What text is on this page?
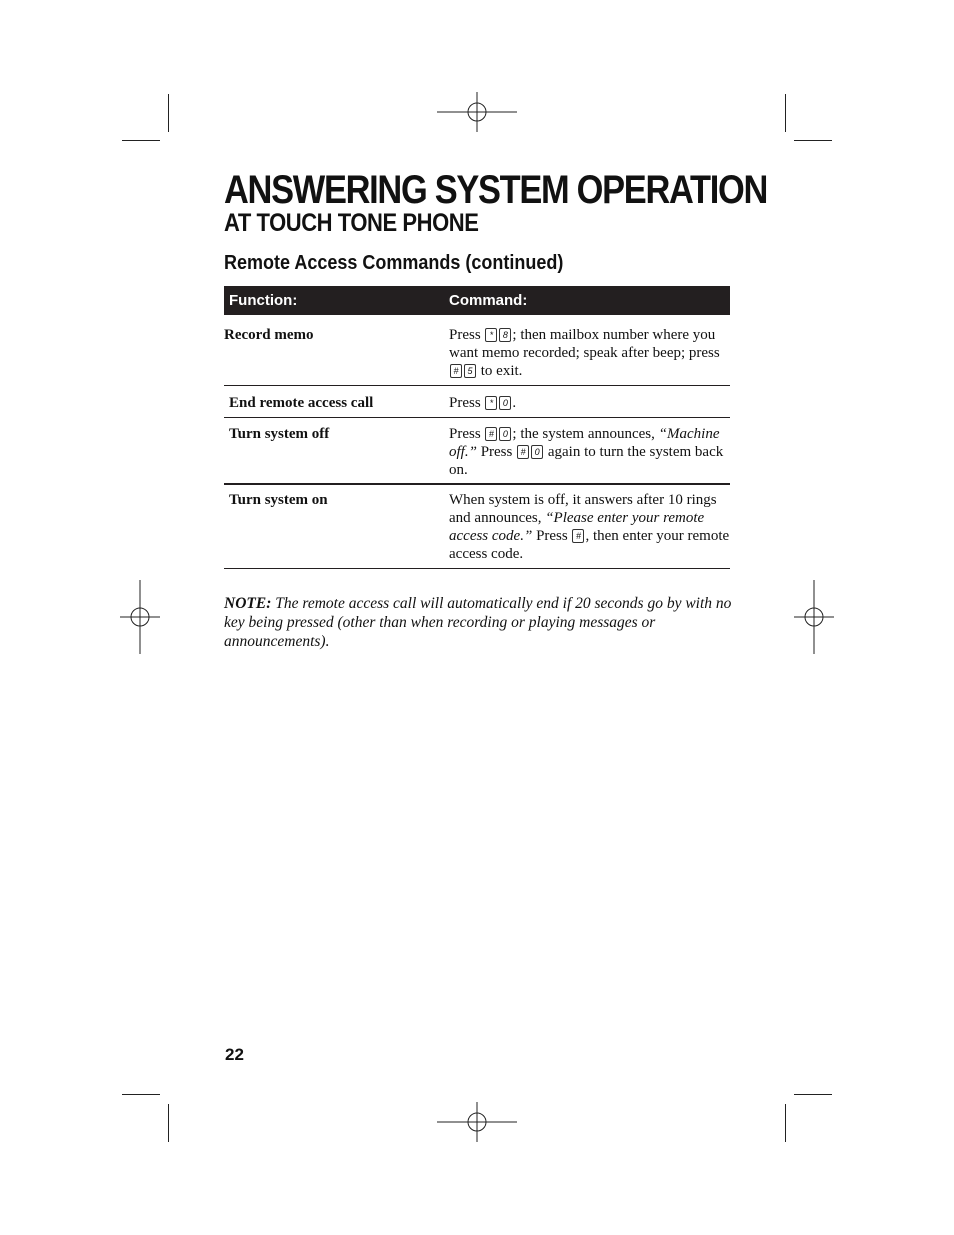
ANSWERING SYSTEM OPERATION
AT TOUCH TONE PHONE
Remote Access Commands (continued)
Function:	Command:
Record memo	Press * 8 ; then mailbox number where you want memo recorded; speak after beep; press # 5 to exit.
End remote access call	Press * 0 .
Turn system off	Press # 0 ; the system announces, “Machine off.” Press # 0 again to turn the system back on.
Turn system on	When system is off, it answers after 10 rings and announces, “Please enter your remote access code.” Press # , then enter your remote access code.

NOTE: The remote access call will automatically end if 20 seconds go by with no key being pressed (other than when recording or playing messages or announcements).

22
